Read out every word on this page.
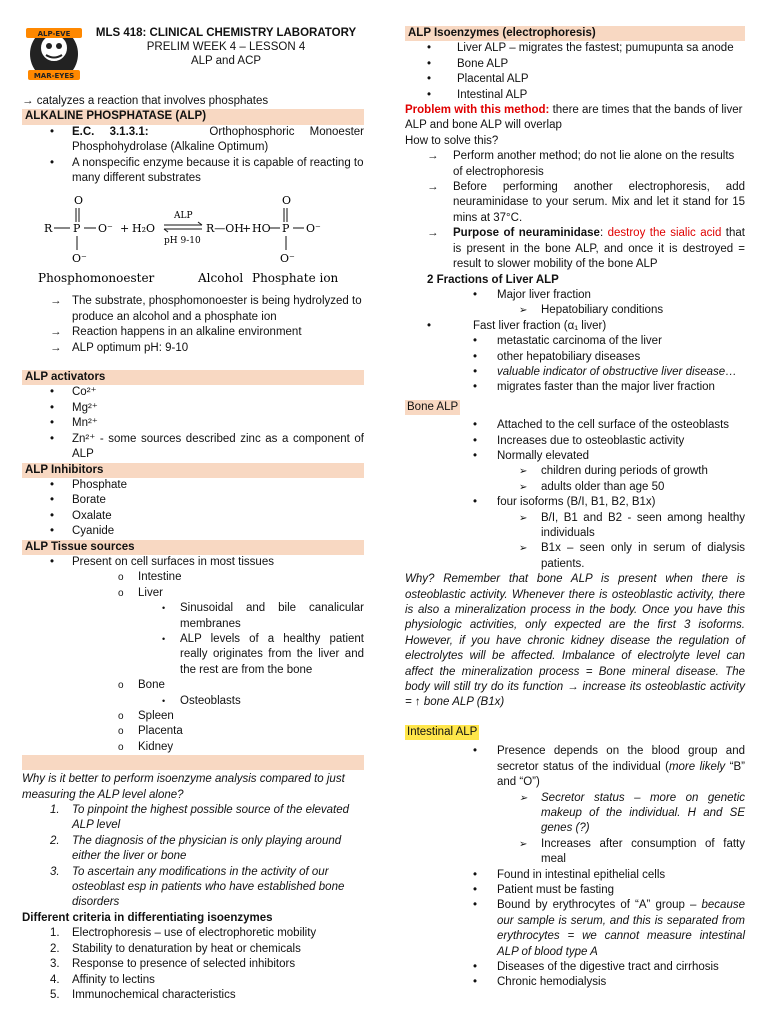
ALP-EVE
MAR-EYES
MLS 418: CLINICAL CHEMISTRY LABORATORY
PRELIM WEEK 4 – LESSON 4
ALP and ACP
→ catalyzes a reaction that involves phosphates
ALKALINE PHOSPHATASE (ALP)
• E.C. 3.1.3.1:	Orthophosphoric Monoester Phosphohydrolase (Alkaline Optimum)
• A nonspecific enzyme because it is capable of reacting to many different substrates
O
R P O⁻
O⁻
+ H₂O
ALP
pH 9-10
R—OH
+ HO
O
P O⁻
O⁻
Phosphomonoester	Alcohol Phosphate ion
→ The substrate, phosphomonoester is being hydrolyzed to produce an alcohol and a phosphate ion
→ Reaction happens in an alkaline environment
→ ALP optimum pH: 9-10
ALP activators
• Co²⁺
• Mg²⁺
• Mn²⁺
• Zn²⁺ - some sources described zinc as a component of ALP
ALP Inhibitors
• Phosphate
• Borate
• Oxalate
• Cyanide
ALP Tissue sources
• Present on cell surfaces in most tissues
o Intestine
o Liver
• Sinusoidal and bile canalicular membranes
• ALP levels of a healthy patient really originates from the liver and the rest are from the bone
o Bone
• Osteoblasts
o Spleen
o Placenta
o Kidney
Why is it better to perform isoenzyme analysis compared to just measuring the ALP level alone?
1. To pinpoint the highest possible source of the elevated ALP level
2. The diagnosis of the physician is only playing around either the liver or bone
3. To ascertain any modifications in the activity of our osteoblast esp in patients who have established bone disorders
Different criteria in differentiating isoenzymes
1. Electrophoresis – use of electrophoretic mobility
2. Stability to denaturation by heat or chemicals
3. Response to presence of selected inhibitors
4. Affinity to lectins
5. Immunochemical characteristics
ALP Isoenzymes (electrophoresis)
• Liver ALP – migrates the fastest; pumupunta sa anode
• Bone ALP
• Placental ALP
• Intestinal ALP
Problem with this method: there are times that the bands of liver ALP and bone ALP will overlap
How to solve this?
→ Perform another method; do not lie alone on the results of electrophoresis
→ Before performing another electrophoresis, add neuraminidase to your serum. Mix and let it stand for 15 mins at 37°C.
→ Purpose of neuraminidase: destroy the sialic acid that is present in the bone ALP, and once it is destroyed = result to slower mobility of the bone ALP
2 Fractions of Liver ALP
• Major liver fraction
➢ Hepatobiliary conditions
• Fast liver fraction (α₁ liver)
• metastatic carcinoma of the liver
• other hepatobiliary diseases
• valuable indicator of obstructive liver disease…
• migrates faster than the major liver fraction
Bone ALP
• Attached to the cell surface of the osteoblasts
• Increases due to osteoblastic activity
• Normally elevated
➢ children during periods of growth
➢ adults older than age 50
• four isoforms (B/I, B1, B2, B1x)
➢ B/I, B1 and B2 - seen among healthy individuals
➢ B1x – seen only in serum of dialysis patients.
Why? Remember that bone ALP is present when there is osteoblastic activity. Whenever there is osteoblastic activity, there is also a mineralization process in the body. Once you have this physiologic activities, only expected are the first 3 isoforms. However, if you have chronic kidney disease the regulation of electrolytes will be affected. Imbalance of electrolyte level can affect the mineralization process = Bone mineral disease. The body will still try do its function → increase its osteoblastic activity = ↑ bone ALP (B1x)
Intestinal ALP
• Presence depends on the blood group and secretor status of the individual (more likely “B” and “O”)
➢ Secretor status – more on genetic makeup of the individual. H and SE genes (?)
➢ Increases after consumption of fatty meal
• Found in intestinal epithelial cells
• Patient must be fasting
• Bound by erythrocytes of “A” group – because our sample is serum, and this is separated from erythrocytes = we cannot measure intestinal ALP of blood type A
• Diseases of the digestive tract and cirrhosis
• Chronic hemodialysis
